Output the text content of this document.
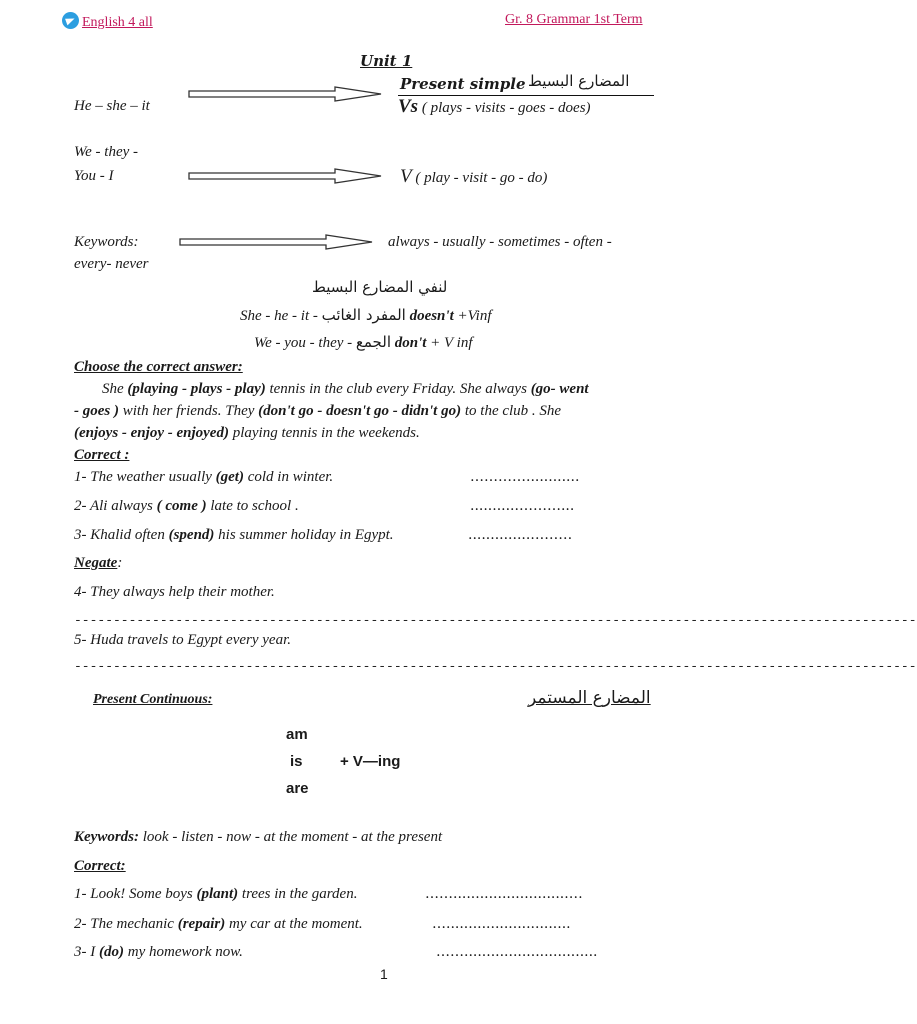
English 4 all	Gr. 8 Grammar 1st Term
Unit 1
Present simple المضارع البسيط
He – she – it	Vs ( plays - visits - goes - does)
We - they -
You - I	V ( play - visit - go - do)
Keywords:	always - usually - sometimes - often -
every- never
لنفي المضارع البسيط
She - he - it - المفرد الغائب doesn't +Vinf
We - you - they - الجمع don't + V inf
Choose the correct answer:
She (playing - plays - play) tennis in the club every Friday. She always (go- went
- goes ) with her friends. They (don't go - doesn't go - didn't go) to the club . She
(enjoys - enjoy - enjoyed) playing tennis in the weekends.
Correct :
1- The weather usually (get) cold in winter.	…………............
2- Ali always ( come ) late to school .	...........………...
3- Khalid often (spend) his summer holiday in Egypt.	..............………
Negate:
4- They always help their mother.
------------------------------------------------------------------------------------------------------------
5- Huda travels to Egypt every year.
------------------------------------------------------------------------------------------------------------
Present Continuous:	المضارع المستمر
am
is + V—ing
are
Keywords: look - listen - now - at the moment - at the present
Correct:
1- Look! Some boys (plant) trees in the garden.	……..........................…
2- The mechanic (repair) my car at the moment.	…............................
3- I (do) my homework now.	……..............................
1
